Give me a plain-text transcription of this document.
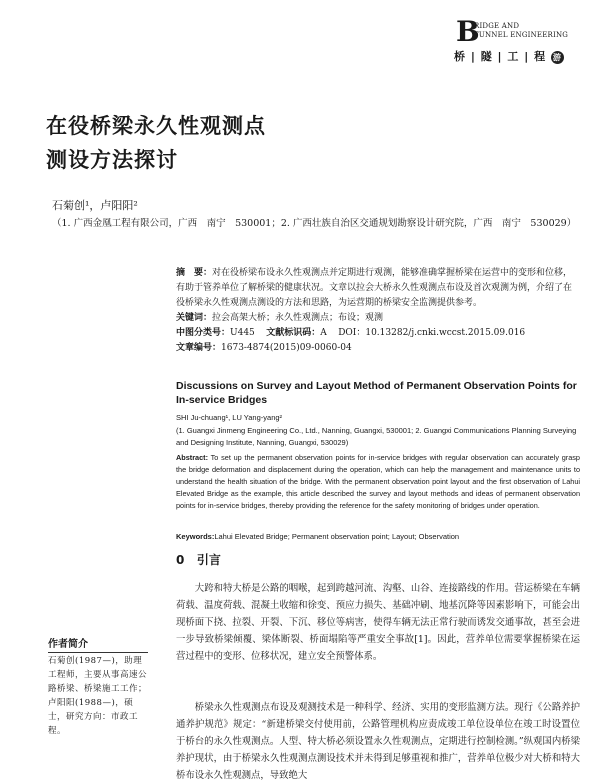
B
RIDGE AND
TUNNEL ENGINEERING
桥 | 隧 | 工 | 程 游
在役桥梁永久性观测点
测设方法探讨
石菊创¹，卢阳阳²
（1. 广西金凰工程有限公司，广西　南宁　530001；2. 广西壮族自治区交通规划勘察设计研究院，广西　南宁　530029）
摘　要：对在役桥梁布设永久性观测点并定期进行观测，能够准确掌握桥梁在运营中的变形和位移，有助于管养单位了解桥梁的健康状况。文章以拉会大桥永久性观测点布设及首次观测为例，介绍了在役桥梁永久性观测点测设的方法和思路，为运营期的桥梁安全监测提供参考。
关键词：拉会高架大桥；永久性观测点；布设；观测
中图分类号：U445 文献标识码：A DOI：10.13282/j.cnki.wccst.2015.09.016
文章编号：1673-4874(2015)09-0060-04
Discussions on Survey and Layout Method of Permanent Observation Points for In-service Bridges
SHI Ju-chuang¹, LU Yang-yang²
(1. Guangxi Jinmeng Engineering Co., Ltd., Nanning, Guangxi, 530001; 2. Guangxi Communications Planning Surveying and Designing Institute, Nanning, Guangxi, 530029)
Abstract: To set up the permanent observation points for in-service bridges with regular observation can accurately grasp the bridge deformation and displacement during the operation, which can help the management and maintenance units to understand the health situation of the bridge. With the permanent observation point layout and the first observation of Lahui Elevated Bridge as the example, this article described the survey and layout methods and ideas of permanent observation points for in-service bridges, thereby providing the reference for the safety monitoring of bridges under operation.
Keywords:Lahui Elevated Bridge; Permanent observation point; Layout; Observation
0 引言
大跨和特大桥是公路的咽喉，起到跨越河流、沟壑、山谷、连接路线的作用。营运桥梁在车辆荷载、温度荷载、混凝土收缩和徐变、预应力损失、基础冲刷、地基沉降等因素影响下，可能会出现桥面下挠、拉裂、开裂、下沉、移位等病害，使得车辆无法正常行驶而诱发交通事故，甚至会进一步导致桥梁倾覆、梁体断裂、桥面塌陷等严重安全事故[1]。因此，营养单位需要掌握桥梁在运营过程中的变形、位移状况，建立安全预警体系。
桥梁永久性观测点布设及观测技术是一种科学、经济、实用的变形监测方法。现行《公路养护通养护规范》规定：“新建桥梁交付使用前，公路管理机构应责成竣工单位设单位在竣工时设置位于桥台的永久性观测点。人型、特大桥必须设置永久性观测点，定期进行控制检测。”纵观国内桥梁养护现状，由于桥梁永久性观测点测设技术并未得到足够重视和推广，营养单位极少对大桥和特大桥布设永久性观测点，导致绝大
作者简介
石菊创(1987—)，助理工程师，主要从事高速公路桥梁、桥梁施工工作；卢阳阳(1988—)，硕士，研究方向：市政工程。
